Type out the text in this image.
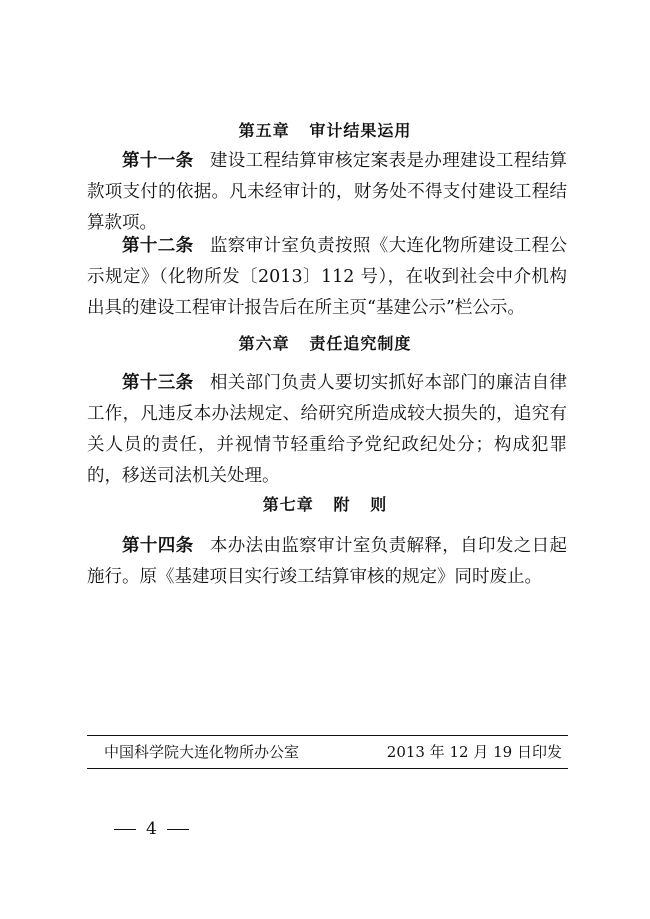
第五章   审计结果运用

第十一条 建设工程结算审核定案表是办理建设工程结算款项支付的依据。凡未经审计的，财务处不得支付建设工程结算款项。

第十二条 监察审计室负责按照《大连化物所建设工程公示规定》（化物所发〔2013〕112 号），在收到社会中介机构出具的建设工程审计报告后在所主页“基建公示”栏公示。

第六章   责任追究制度

第十三条 相关部门负责人要切实抓好本部门的廉洁自律工作，凡违反本办法规定、给研究所造成较大损失的，追究有关人员的责任，并视情节轻重给予党纪政纪处分；构成犯罪的，移送司法机关处理。

第七章   附   则

第十四条 本办法由监察审计室负责解释，自印发之日起施行。原《基建项目实行竣工结算审核的规定》同时废止。

中国科学院大连化物所办公室	2013 年 12 月 19 日印发
4
